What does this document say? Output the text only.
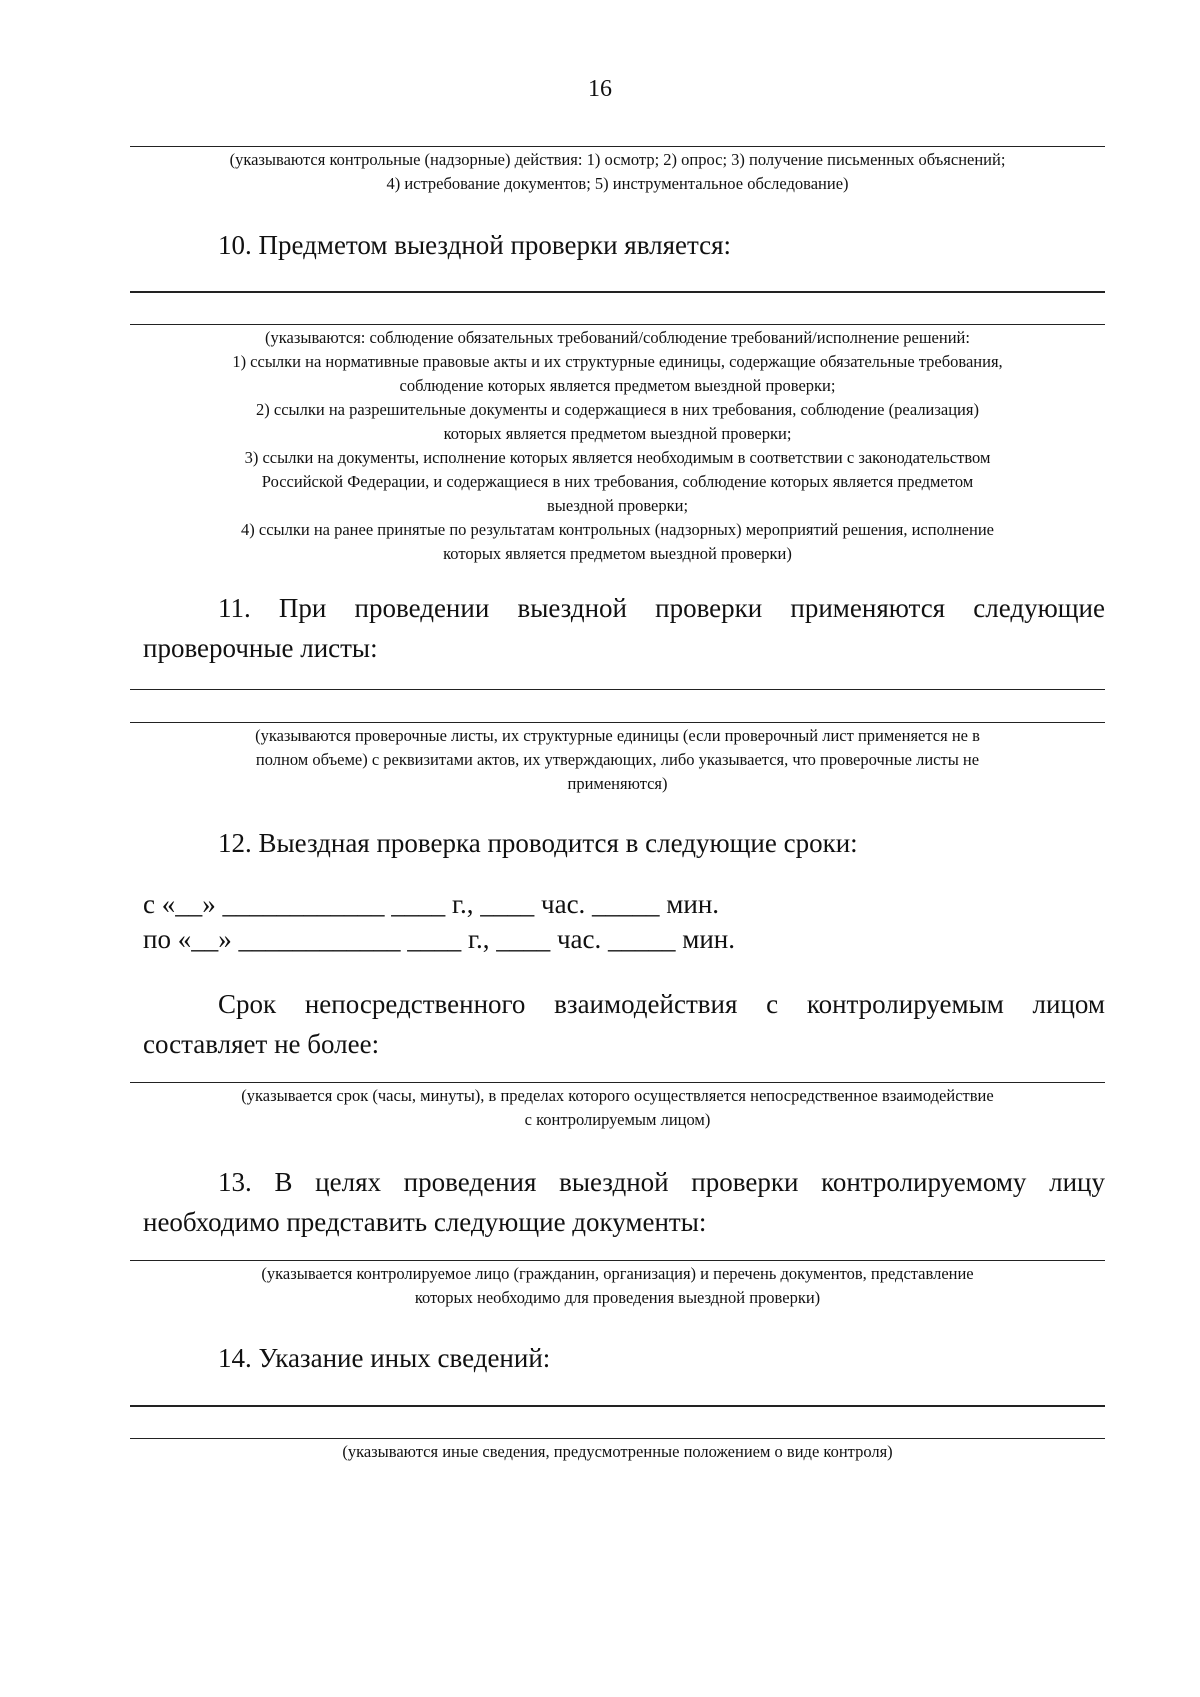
16
(указываются контрольные (надзорные) действия: 1) осмотр; 2) опрос; 3) получение письменных объяснений;
4) истребование документов; 5) инструментальное обследование)
10. Предметом выездной проверки является:
(указываются: соблюдение обязательных требований/соблюдение требований/исполнение решений:
1) ссылки на нормативные правовые акты и их структурные единицы, содержащие обязательные требования,
соблюдение которых является предметом выездной проверки;
2) ссылки на разрешительные документы и содержащиеся в них требования, соблюдение (реализация)
которых является предметом выездной проверки;
3) ссылки на документы, исполнение которых является необходимым в соответствии с законодательством
Российской Федерации, и содержащиеся в них требования, соблюдение которых является предметом
выездной проверки;
4) ссылки на ранее принятые по результатам контрольных (надзорных) мероприятий решения, исполнение
которых является предметом выездной проверки)
11. При проведении выездной проверки применяются следующие
проверочные листы:
(указываются проверочные листы, их структурные единицы (если проверочный лист применяется не в
полном объеме) с реквизитами актов, их утверждающих, либо указывается, что проверочные листы не
применяются)
12. Выездная проверка проводится в следующие сроки:
с «__» ____________ ____ г., ____ час. _____ мин.
по «__» ____________ ____ г., ____ час. _____ мин.
Срок непосредственного взаимодействия с контролируемым лицом
составляет не более:
(указывается срок (часы, минуты), в пределах которого осуществляется непосредственное взаимодействие
с контролируемым лицом)
13. В целях проведения выездной проверки контролируемому лицу
необходимо представить следующие документы:
(указывается контролируемое лицо (гражданин, организация) и перечень документов, представление
которых необходимо для проведения выездной проверки)
14. Указание иных сведений:
(указываются иные сведения, предусмотренные положением о виде контроля)
